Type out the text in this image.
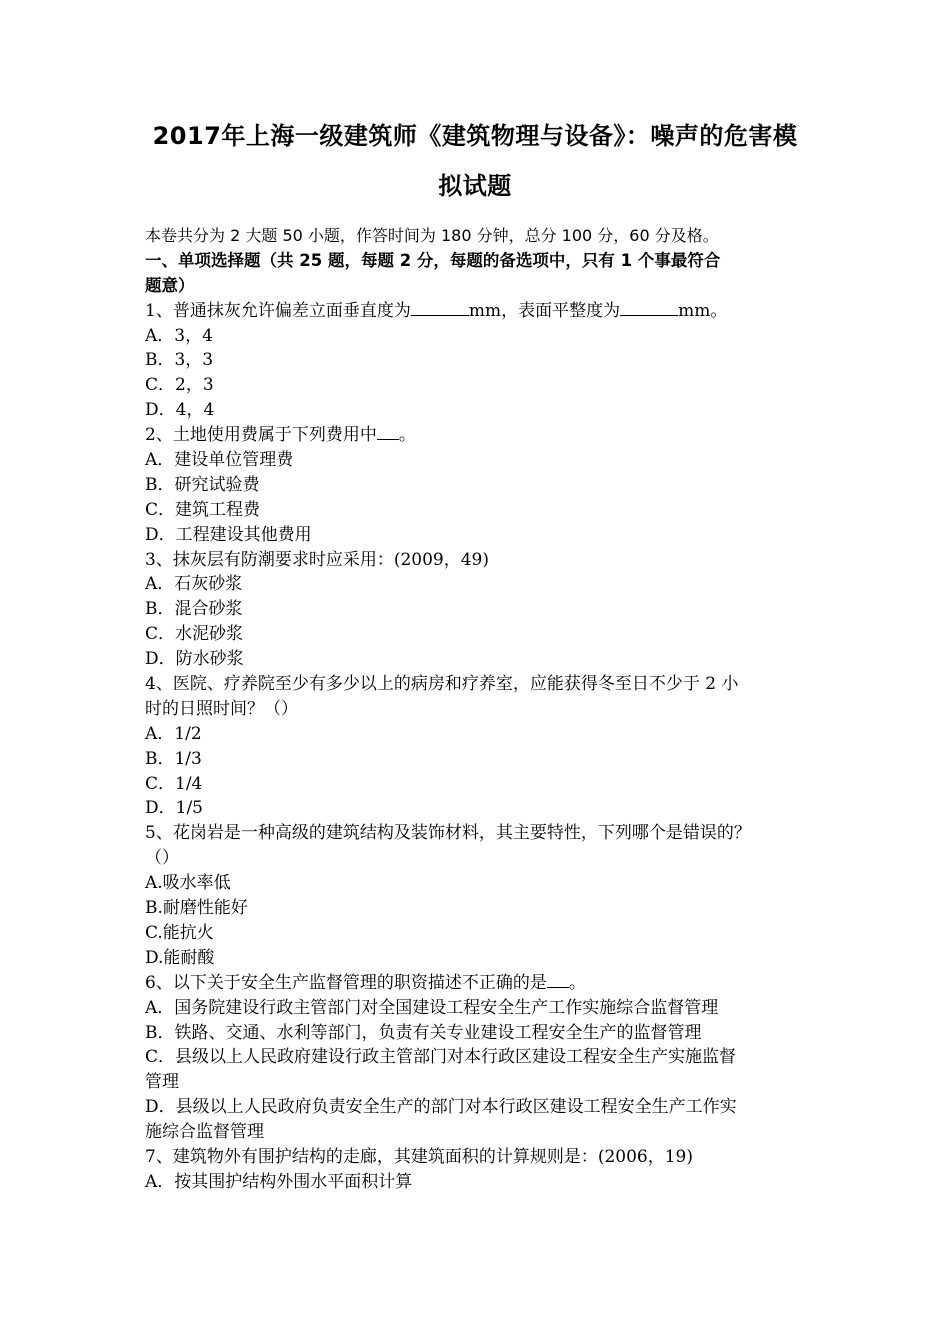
2017年上海一级建筑师《建筑物理与设备》：噪声的危害模
拟试题
本卷共分为 2 大题 50 小题，作答时间为 180 分钟，总分 100 分，60 分及格。
一、单项选择题（共 25 题，每题 2 分，每题的备选项中，只有 1 个事最符合
题意）
1、普通抹灰允许偏差立面垂直度为	mm，表面平整度为	mm。
A．3，4
B．3，3
C．2，3
D．4，4
2、土地使用费属于下列费用中 。
A．建设单位管理费
B．研究试验费
C．建筑工程费
D．工程建设其他费用
3、抹灰层有防潮要求时应采用：(2009，49)
A．石灰砂浆
B．混合砂浆
C．水泥砂浆
D．防水砂浆
4、医院、疗养院至少有多少以上的病房和疗养室，应能获得冬至日不少于 2 小
时的日照时间？（）
A．1/2
B．1/3
C．1/4
D．1/5
5、花岗岩是一种高级的建筑结构及装饰材料，其主要特性，下列哪个是错误的？
（）
A.吸水率低
B.耐磨性能好
C.能抗火
D.能耐酸
6、以下关于安全生产监督管理的职资描述不正确的是 。
A．国务院建设行政主管部门对全国建设工程安全生产工作实施综合监督管理
B．铁路、交通、水利等部门，负责有关专业建设工程安全生产的监督管理
C．县级以上人民政府建设行政主管部门对本行政区建设工程安全生产实施监督
管理
D．县级以上人民政府负责安全生产的部门对本行政区建设工程安全生产工作实
施综合监督管理
7、建筑物外有围护结构的走廊，其建筑面积的计算规则是：(2006，19)
A．按其围护结构外围水平面积计算
